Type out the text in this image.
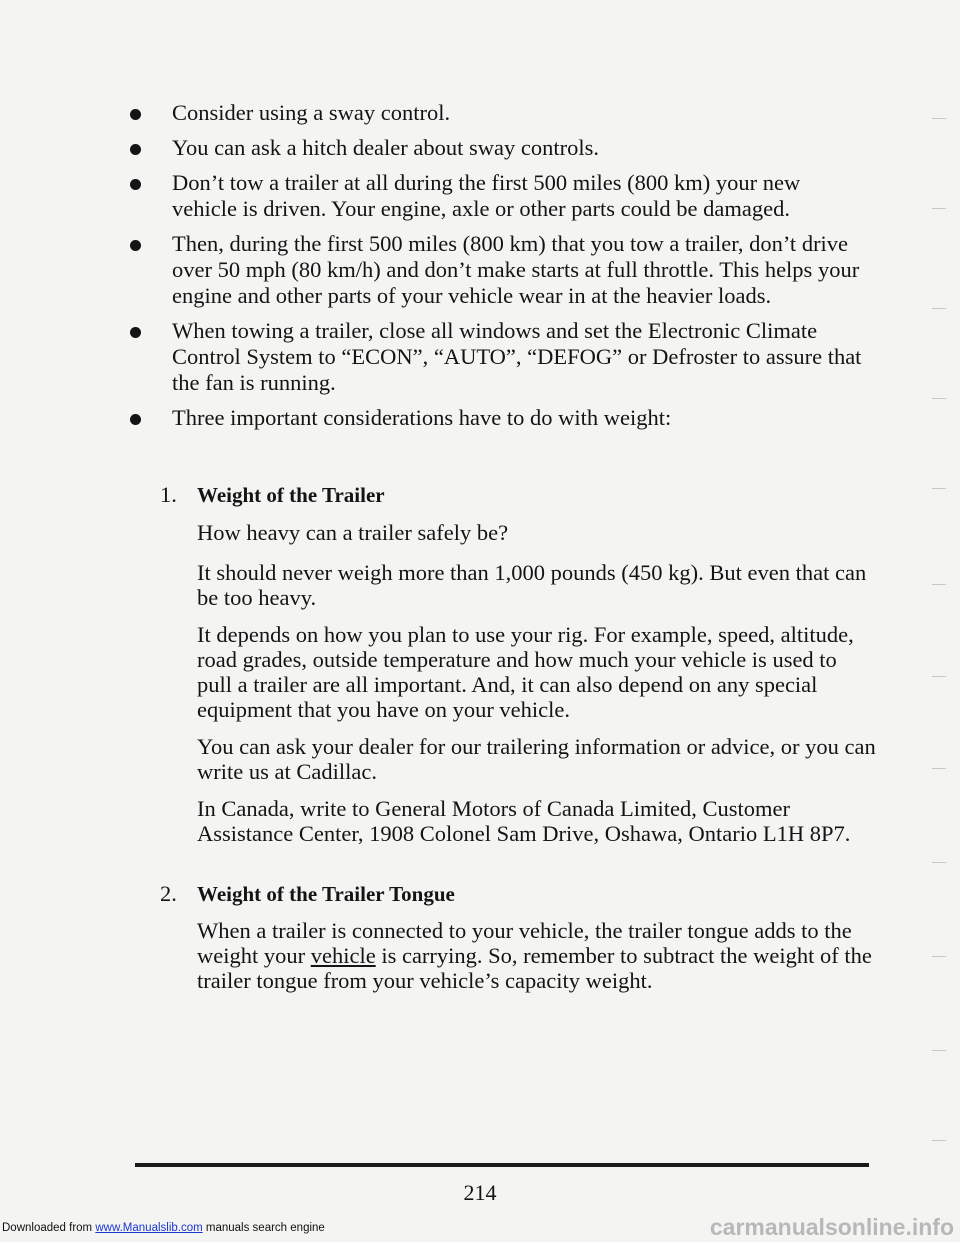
Consider using a sway control.
You can ask a hitch dealer about sway controls.
Don’t tow a trailer at all during the first 500 miles (800 km) your new vehicle is driven. Your engine, axle or other parts could be damaged.
Then, during the first 500 miles (800 km) that you tow a trailer, don’t drive over 50 mph (80 km/h) and don’t make starts at full throttle. This helps your engine and other parts of your vehicle wear in at the heavier loads.
When towing a trailer, close all windows and set the Electronic Climate Control System to “ECON”, “AUTO”, “DEFOG” or Defroster to assure that the fan is running.
Three important considerations have to do with weight:
1. Weight of the Trailer

How heavy can a trailer safely be?

It should never weigh more than 1,000 pounds (450 kg). But even that can be too heavy.

It depends on how you plan to use your rig. For example, speed, altitude, road grades, outside temperature and how much your vehicle is used to pull a trailer are all important. And, it can also depend on any special equipment that you have on your vehicle.

You can ask your dealer for our trailering information or advice, or you can write us at Cadillac.

In Canada, write to General Motors of Canada Limited, Customer Assistance Center, 1908 Colonel Sam Drive, Oshawa, Ontario L1H 8P7.

2. Weight of the Trailer Tongue

When a trailer is connected to your vehicle, the trailer tongue adds to the weight your vehicle is carrying. So, remember to subtract the weight of the trailer tongue from your vehicle’s capacity weight.

214
Downloaded from www.Manualslib.com manuals search engine	carmanualsonline.info
